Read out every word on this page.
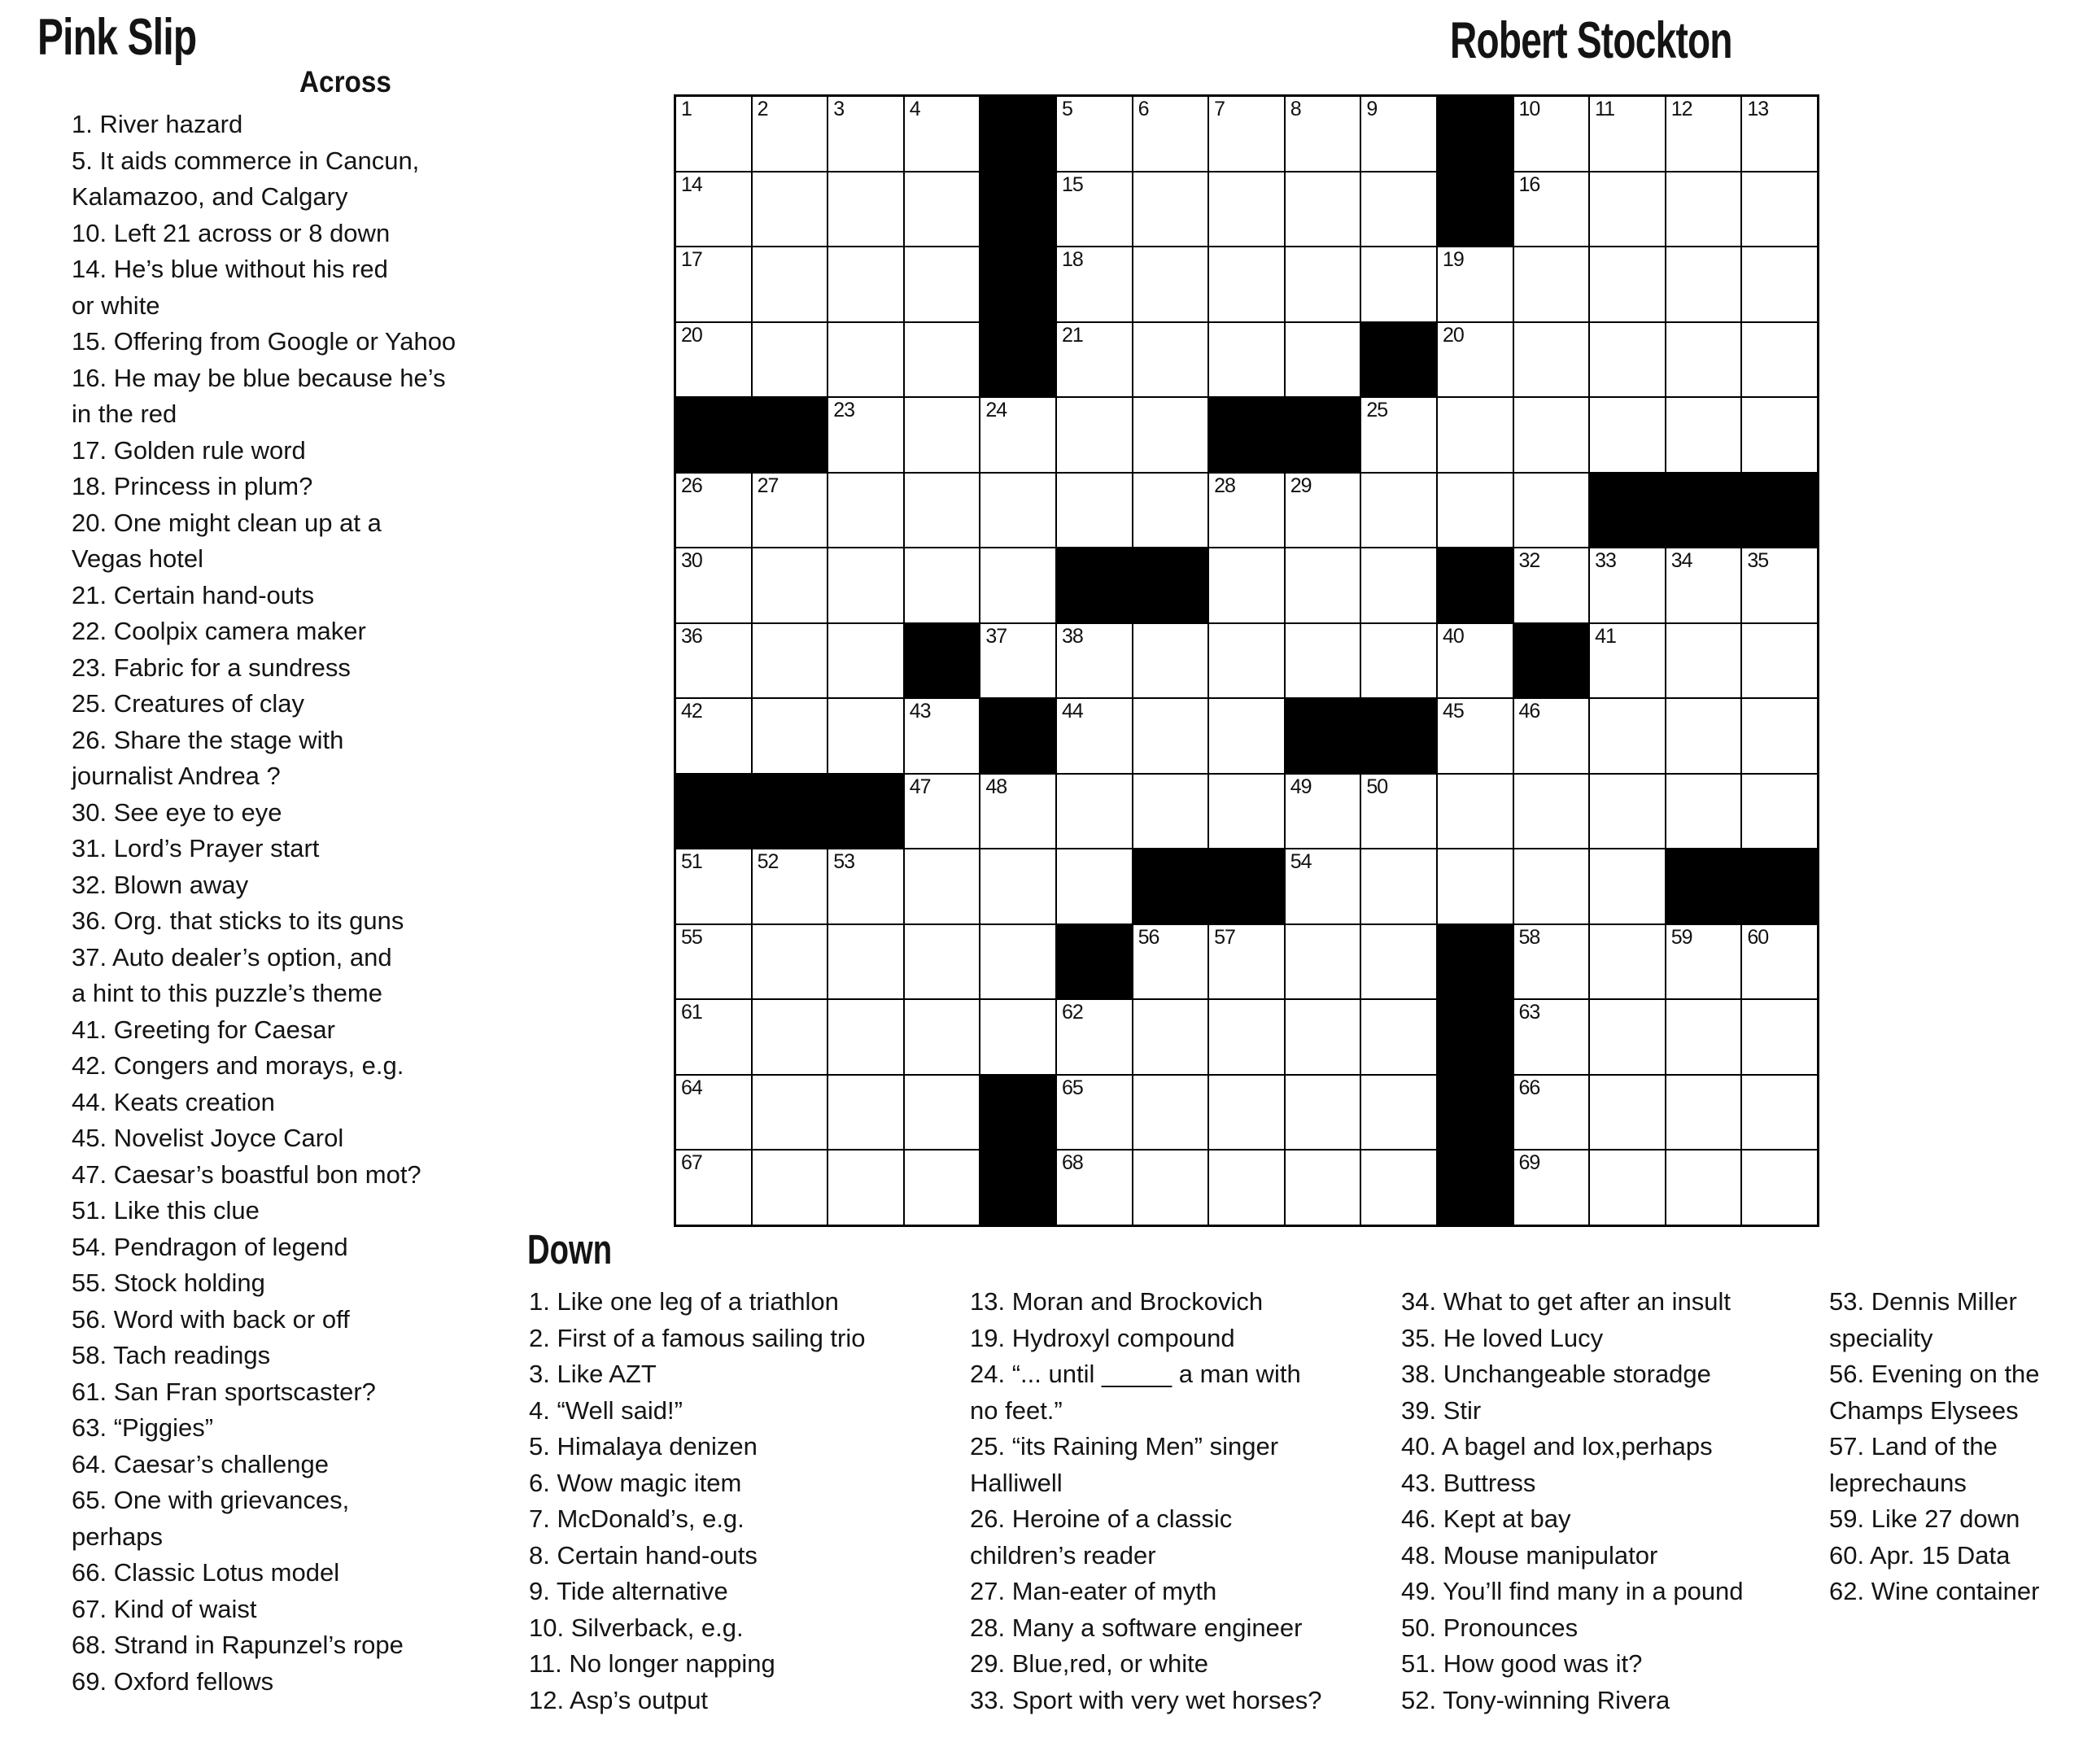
Pink Slip	Robert Stockton
Across
1. River hazard
5. It aids commerce in Cancun,
Kalamazoo, and Calgary
10. Left 21 across or 8 down
14. He’s blue without his red
or white
15. Offering from Google or Yahoo
16. He may be blue because he’s
in the red
17. Golden rule word
18. Princess in plum?
20. One might clean up at a
Vegas hotel
21. Certain hand-outs
22. Coolpix camera maker
23. Fabric for a sundress
25. Creatures of clay
26. Share the stage with
journalist Andrea ?
30. See eye to eye
31. Lord’s Prayer start
32. Blown away
36. Org. that sticks to its guns
37. Auto dealer’s option, and
a hint to this puzzle’s theme
41. Greeting for Caesar
42. Congers and morays, e.g.
44. Keats creation
45. Novelist Joyce Carol
47. Caesar’s boastful bon mot?
51. Like this clue
54. Pendragon of legend
55. Stock holding
56. Word with back or off
58. Tach readings
61. San Fran sportscaster?
63. “Piggies”
64. Caesar’s challenge
65. One with grievances,
perhaps
66. Classic Lotus model
67. Kind of waist
68. Strand in Rapunzel’s rope
69. Oxford fellows
1	2	3	4	5	6	7	8	9	10	11	12	13
14	15	16
17	18	19
20	21	20
23	24	25
26	27	28	29
30	32	33	34	35
36	37	38	40	41
42	43	44	45	46
47	48	49	50
51	52	53	54
55	56	57	58	59	60
61	62	63
64	65	66
67	68	69
Down
1. Like one leg of a triathlon
2. First of a famous sailing trio
3. Like AZT
4. “Well said!”
5. Himalaya denizen
6. Wow magic item
7. McDonald’s, e.g.
8. Certain hand-outs
9. Tide alternative
10. Silverback, e.g.
11. No longer napping
12. Asp’s output
13. Moran and Brockovich
19. Hydroxyl compound
24. “... until _____ a man with
no feet.”
25. “its Raining Men” singer
Halliwell
26. Heroine of a classic
children’s reader
27. Man-eater of myth
28. Many a software engineer
29. Blue,red, or white
33. Sport with very wet horses?
34. What to get after an insult
35. He loved Lucy
38. Unchangeable storadge
39. Stir
40. A bagel and lox,perhaps
43. Buttress
46. Kept at bay
48. Mouse manipulator
49. You’ll find many in a pound
50. Pronounces
51. How good was it?
52. Tony-winning Rivera
53. Dennis Miller
speciality
56. Evening on the
Champs Elysees
57. Land of the
leprechauns
59. Like 27 down
60. Apr. 15 Data
62. Wine container
